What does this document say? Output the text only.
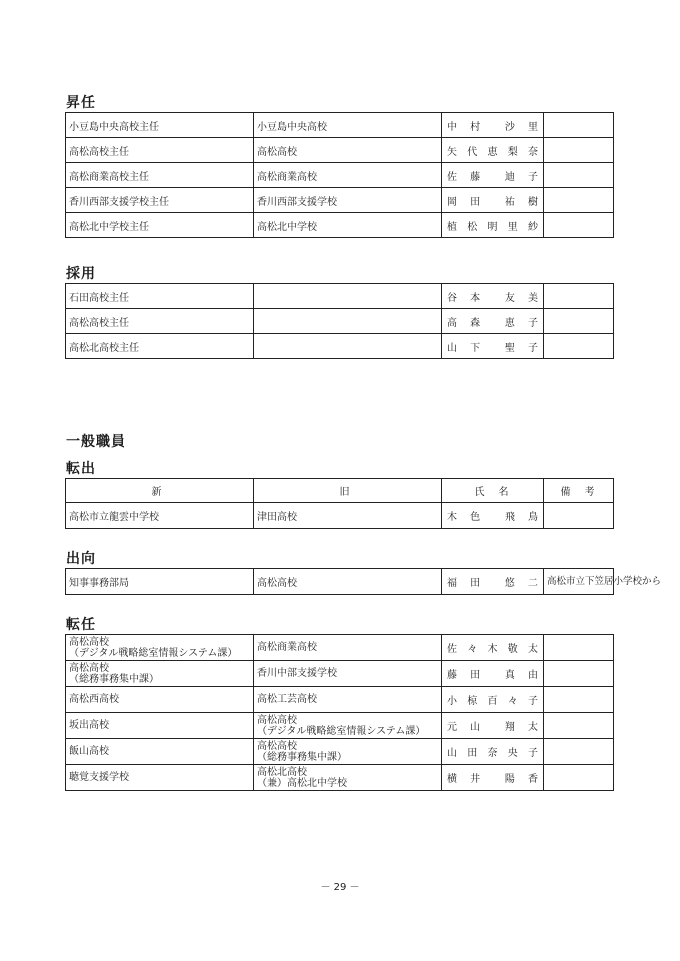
昇任
小豆島中央高校主任	小豆島中央高校	中　村　　沙　里	

高松高校主任	高松高校	矢　代　恵　梨　奈	

高松商業高校主任	高松商業高校	佐　藤　　迪　子	

香川西部支援学校主任	香川西部支援学校	岡　田　　祐　樹	

高松北中学校主任	高松北中学校	植　松　明　里　紗	

採用
石田高校主任		谷　本　　友　美	

高松高校主任		高　森　　恵　子	

高松北高校主任		山　下　　聖　子	

一般職員
転出
新	旧	氏　名	備　考
高松市立龍雲中学校	津田高校	木　色　　飛　鳥	

出向
知事事務部局	高松高校	福　田　　悠　二	高松市立下笠居小学校から
転任
高松高校
（デジタル戦略総室情報システム課）	高松商業高校	佐　々　木　敬　太	

高松高校
（総務事務集中課）	香川中部支援学校	藤　田　　真　由	

高松西高校	高松工芸高校	小　椋　百　々　子	

坂出高校	高松高校
（デジタル戦略総室情報システム課）	元　山　　翔　太	

飯山高校	高松高校
（総務事務集中課）	山　田　奈　央　子	

聴覚支援学校	高松北高校
（兼）高松北中学校	横　井　　陽　香	

－ 29 －
